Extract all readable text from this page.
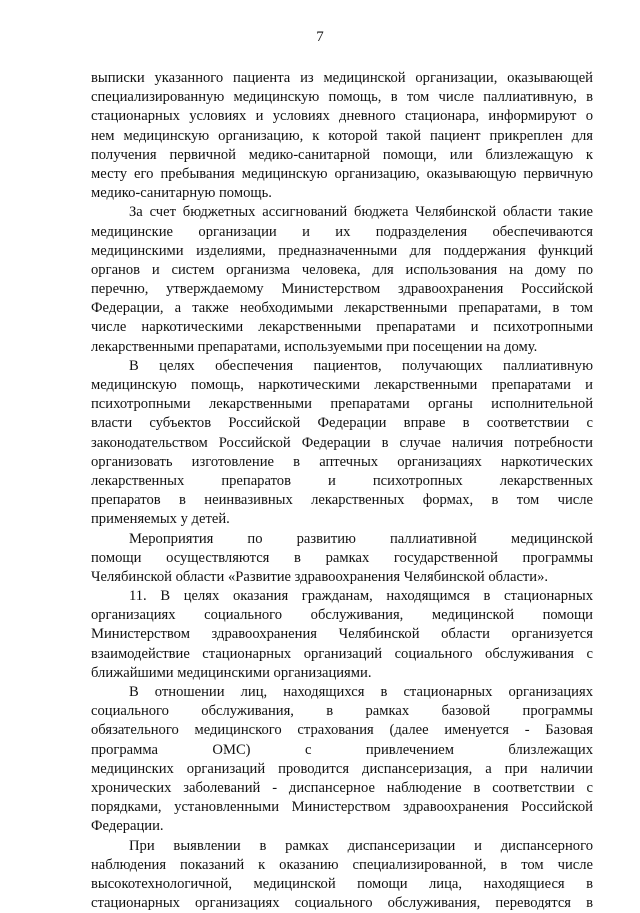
7
выписки указанного пациента из медицинской организации, оказывающей
специализированную медицинскую помощь, в том числе паллиативную, в
стационарных условиях и условиях дневного стационара, информируют о
нем медицинскую организацию, к которой такой пациент прикреплен для
получения первичной медико-санитарной помощи, или близлежащую к
месту его пребывания медицинскую организацию, оказывающую первичную
медико-санитарную помощь.
За счет бюджетных ассигнований бюджета Челябинской области такие
медицинские организации и их подразделения обеспечиваются
медицинскими изделиями, предназначенными для поддержания функций
органов и систем организма человека, для использования на дому по
перечню, утверждаемому Министерством здравоохранения Российской
Федерации, а также необходимыми лекарственными препаратами, в том
числе наркотическими лекарственными препаратами и психотропными
лекарственными препаратами, используемыми при посещении на дому.
В целях обеспечения пациентов, получающих паллиативную
медицинскую помощь, наркотическими лекарственными препаратами и
психотропными лекарственными препаратами органы исполнительной
власти субъектов Российской Федерации вправе в соответствии с
законодательством Российской Федерации в случае наличия потребности
организовать изготовление в аптечных организациях наркотических
лекарственных препаратов и психотропных лекарственных
препаратов в неинвазивных лекарственных формах, в том числе
применяемых у детей.
Мероприятия по развитию паллиативной медицинской
помощи осуществляются в рамках государственной программы
Челябинской области «Развитие здравоохранения Челябинской области».
11. В целях оказания гражданам, находящимся в стационарных
организациях социального обслуживания, медицинской помощи
Министерством здравоохранения Челябинской области организуется
взаимодействие стационарных организаций социального обслуживания с
ближайшими медицинскими организациями.
В отношении лиц, находящихся в стационарных организациях
социального обслуживания, в рамках базовой программы
обязательного медицинского страхования (далее именуется - Базовая
программа ОМС) с привлечением близлежащих
медицинских организаций проводится диспансеризация, а при наличии
хронических заболеваний - диспансерное наблюдение в соответствии с
порядками, установленными Министерством здравоохранения Российской
Федерации.
При выявлении в рамках диспансеризации и диспансерного
наблюдения показаний к оказанию специализированной, в том числе
высокотехнологичной, медицинской помощи лица, находящиеся в
стационарных организациях социального обслуживания, переводятся в
